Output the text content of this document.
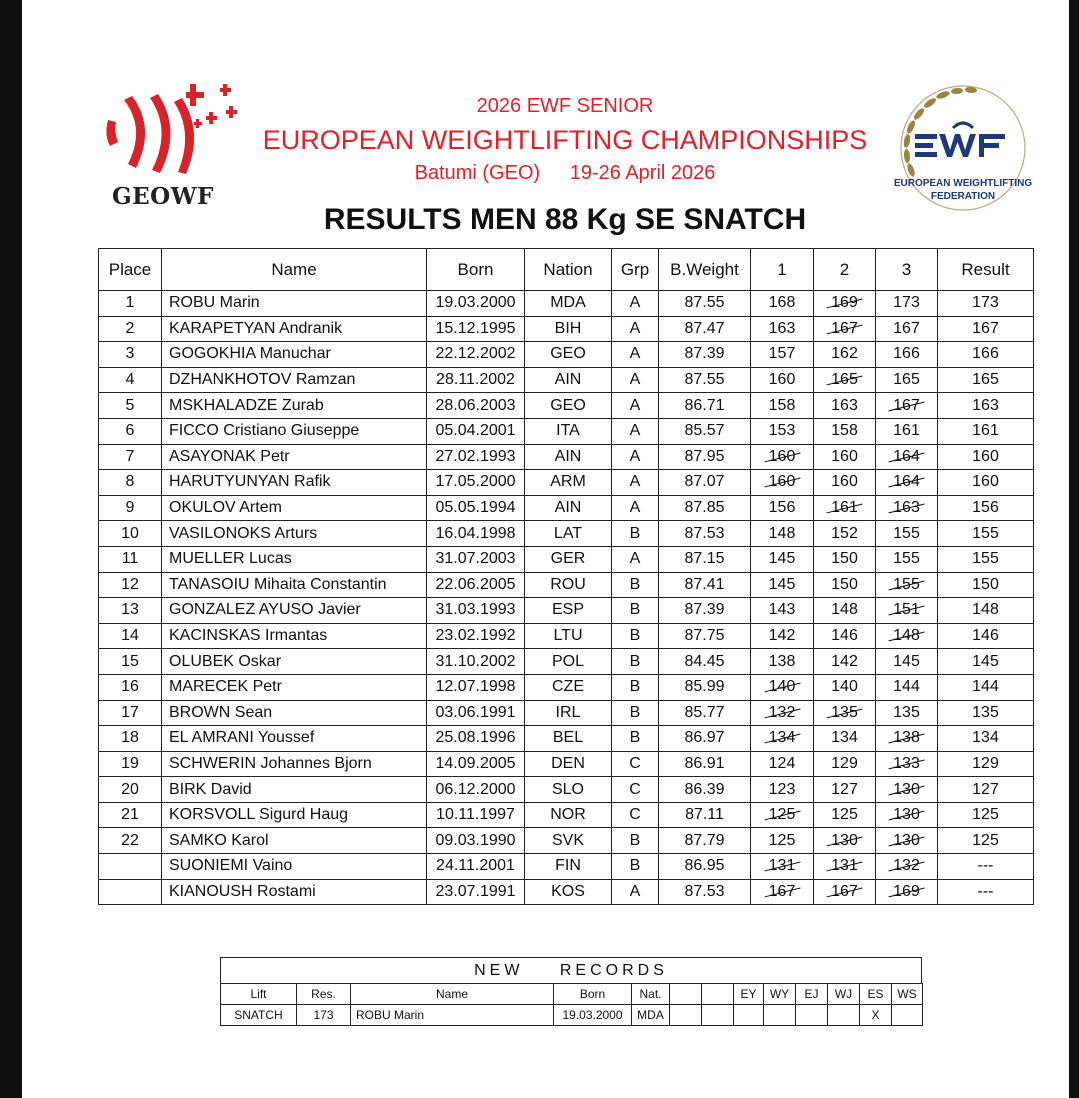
GEOWF
2026 EWF SENIOR
EUROPEAN WEIGHTLIFTING CHAMPIONSHIPS
Batumi (GEO) 19-26 April 2026
RESULTS MEN 88 Kg SE SNATCH
EUROPEAN WEIGHTLIFTING
FEDERATION
EWF
Place	Name	Born	Nation	Grp	B.Weight	1	2	3	Result
1	ROBU Marin	19.03.2000	MDA	A	87.55	168	169	173	173
2	KARAPETYAN Andranik	15.12.1995	BIH	A	87.47	163	167	167	167
3	GOGOKHIA Manuchar	22.12.2002	GEO	A	87.39	157	162	166	166
4	DZHANKHOTOV Ramzan	28.11.2002	AIN	A	87.55	160	165	165	165
5	MSKHALADZE Zurab	28.06.2003	GEO	A	86.71	158	163	167	163
6	FICCO Cristiano Giuseppe	05.04.2001	ITA	A	85.57	153	158	161	161
7	ASAYONAK Petr	27.02.1993	AIN	A	87.95	160	160	164	160
8	HARUTYUNYAN Rafik	17.05.2000	ARM	A	87.07	160	160	164	160
9	OKULOV Artem	05.05.1994	AIN	A	87.85	156	161	163	156
10	VASILONOKS Arturs	16.04.1998	LAT	B	87.53	148	152	155	155
11	MUELLER Lucas	31.07.2003	GER	A	87.15	145	150	155	155
12	TANASOIU Mihaita Constantin	22.06.2005	ROU	B	87.41	145	150	155	150
13	GONZALEZ AYUSO Javier	31.03.1993	ESP	B	87.39	143	148	151	148
14	KACINSKAS Irmantas	23.02.1992	LTU	B	87.75	142	146	148	146
15	OLUBEK Oskar	31.10.2002	POL	B	84.45	138	142	145	145
16	MARECEK Petr	12.07.1998	CZE	B	85.99	140	140	144	144
17	BROWN Sean	03.06.1991	IRL	B	85.77	132	135	135	135
18	EL AMRANI Youssef	25.08.1996	BEL	B	86.97	134	134	138	134
19	SCHWERIN Johannes Bjorn	14.09.2005	DEN	C	86.91	124	129	133	129
20	BIRK David	06.12.2000	SLO	C	86.39	123	127	130	127
21	KORSVOLL Sigurd Haug	10.11.1997	NOR	C	87.11	125	125	130	125
22	SAMKO Karol	09.03.1990	SVK	B	87.79	125	130	130	125
	SUONIEMI Vaino	24.11.2001	FIN	B	86.95	131	131	132	---
	KIANOUSH Rostami	23.07.1991	KOS	A	87.53	167	167	169	---
NEW RECORDS
Lift	Res.	Name	Born	Nat.			EY	WY	EJ	WJ	ES	WS
SNATCH	173	ROBU Marin	19.03.2000	MDA							X	
